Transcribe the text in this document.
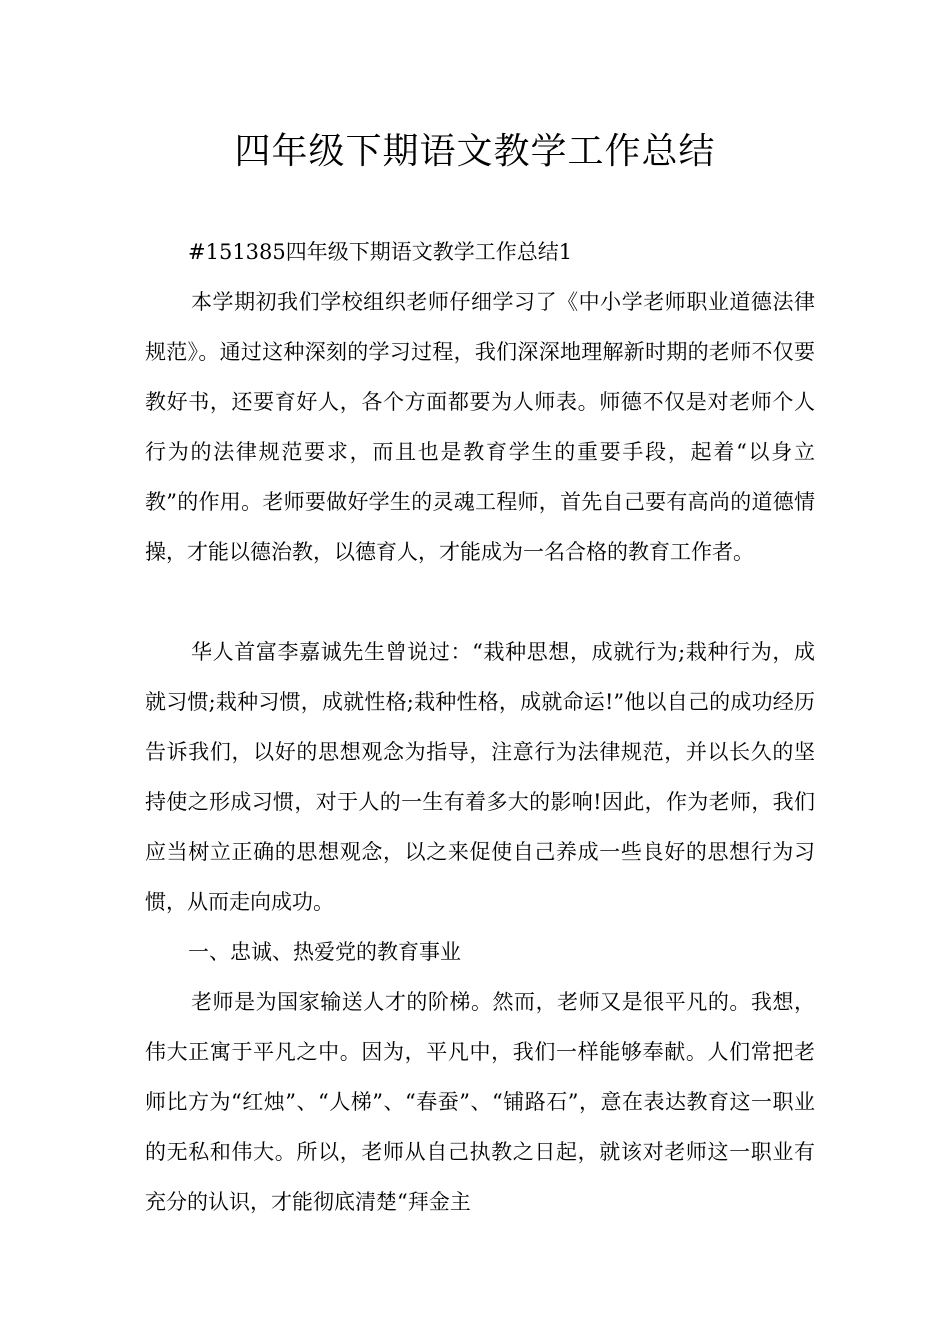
四年级下期语文教学工作总结

#151385四年级下期语文教学工作总结1

本学期初我们学校组织老师仔细学习了《中小学老师职业道德法律规范》。通过这种深刻的学习过程，我们深深地理解新时期的老师不仅要教好书，还要育好人，各个方面都要为人师表。师德不仅是对老师个人行为的法律规范要求，而且也是教育学生的重要手段，起着“以身立教”的作用。老师要做好学生的灵魂工程师，首先自己要有高尚的道德情操，才能以德治教，以德育人，才能成为一名合格的教育工作者。

华人首富李嘉诚先生曾说过：“栽种思想，成就行为;栽种行为，成就习惯;栽种习惯，成就性格;栽种性格，成就命运!”他以自己的成功经历告诉我们，以好的思想观念为指导，注意行为法律规范，并以长久的坚持使之形成习惯，对于人的一生有着多大的影响!因此，作为老师，我们应当树立正确的思想观念，以之来促使自己养成一些良好的思想行为习惯，从而走向成功。

一、忠诚、热爱党的教育事业

老师是为国家输送人才的阶梯。然而，老师又是很平凡的。我想，伟大正寓于平凡之中。因为，平凡中，我们一样能够奉献。人们常把老师比方为“红烛”、“人梯”、“春蚕”、“铺路石”，意在表达教育这一职业的无私和伟大。所以，老师从自己执教之日起，就该对老师这一职业有充分的认识，才能彻底清楚“拜金主
